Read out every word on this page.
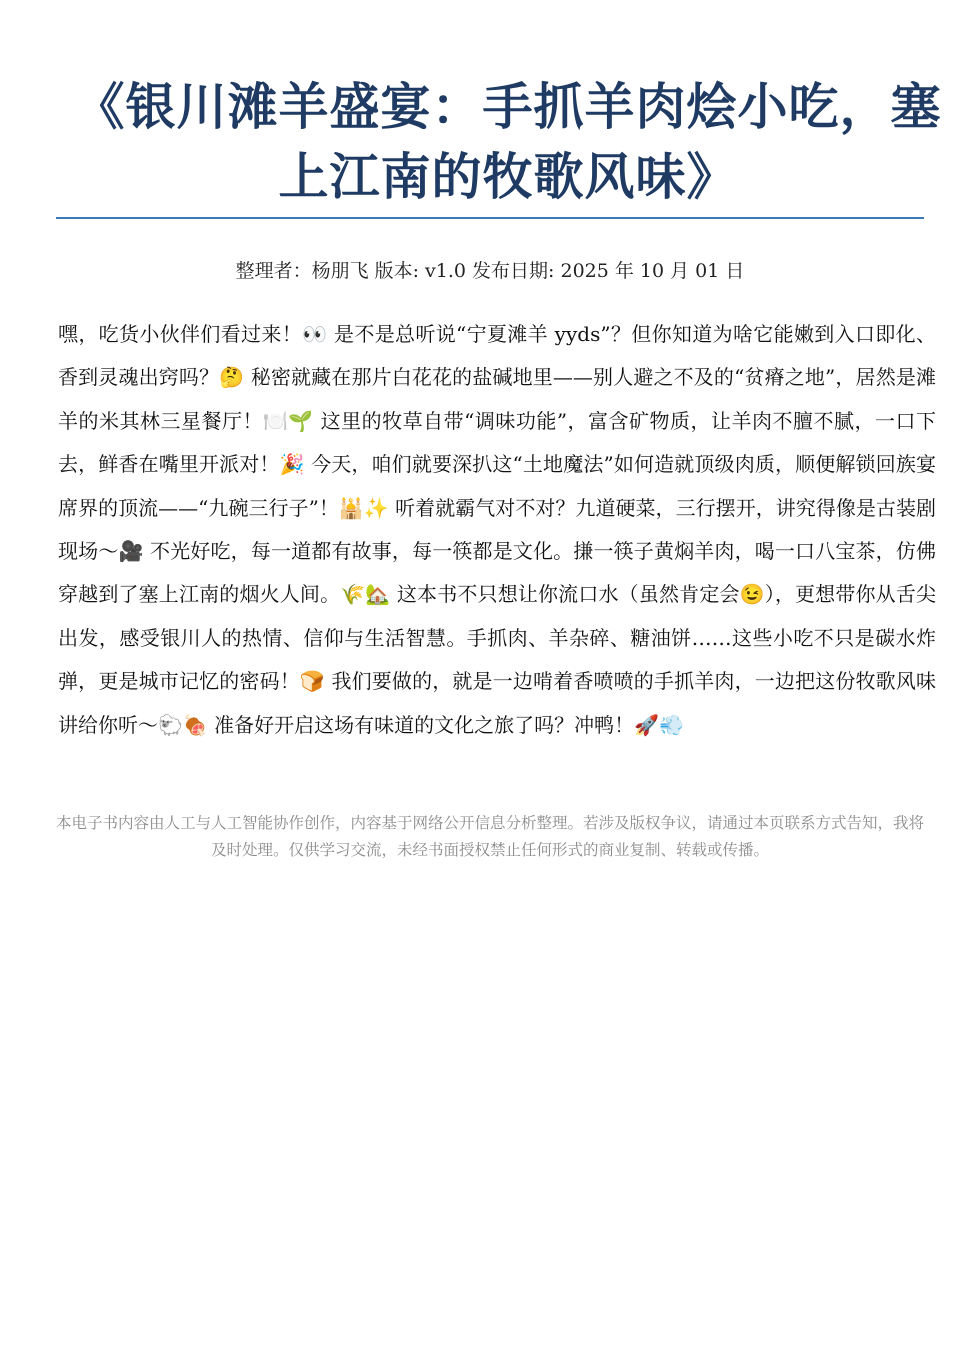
《银川滩羊盛宴：手抓羊肉烩小吃，塞上江南的牧歌风味》
整理者：杨朋飞 版本: v1.0 发布日期: 2025 年 10 月 01 日

嘿，吃货小伙伴们看过来！👀 是不是总听说“宁夏滩羊 yyds”？但你知道为啥它能嫩到入口即化、香到灵魂出窍吗？🤔 秘密就藏在那片白花花的盐碱地里——别人避之不及的“贫瘠之地”，居然是滩羊的米其林三星餐厅！🍽️🌱 这里的牧草自带“调味功能”，富含矿物质，让羊肉不膻不腻，一口下去，鲜香在嘴里开派对！🎉 今天，咱们就要深扒这“土地魔法”如何造就顶级肉质，顺便解锁回族宴席界的顶流——“九碗三行子”！🕌✨ 听着就霸气对不对？九道硬菜，三行摆开，讲究得像是古装剧现场～🎥 不光好吃，每一道都有故事，每一筷都是文化。搛一筷子黄焖羊肉，喝一口八宝茶，仿佛穿越到了塞上江南的烟火人间。🌾🏡 这本书不只想让你流口水（虽然肯定会😉），更想带你从舌尖出发，感受银川人的热情、信仰与生活智慧。手抓肉、羊杂碎、糖油饼……这些小吃不只是碳水炸弹，更是城市记忆的密码！🍞 我们要做的，就是一边啃着香喷喷的手抓羊肉，一边把这份牧歌风味讲给你听～🐑🍖 准备好开启这场有味道的文化之旅了吗？冲鸭！🚀💨

本电子书内容由人工与人工智能协作创作，内容基于网络公开信息分析整理。若涉及版权争议，请通过本页联系方式告知，我将及时处理。仅供学习交流，未经书面授权禁止任何形式的商业复制、转载或传播。
